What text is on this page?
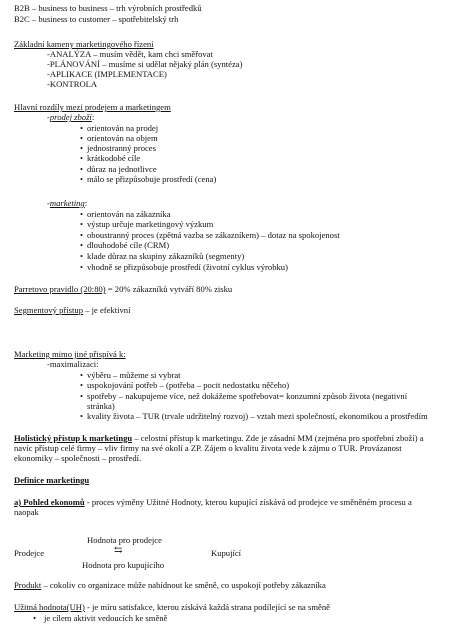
B2B – business to business – trh výrobních prostředků
B2C – business to customer – spotřebitelský trh
Základní kameny marketingového řízení
-ANALÝZA – musím vědět, kam chci směřovat
-PLÁNOVÁNÍ – musíme si udělat nějaký plán (syntéza)
-APLIKACE (IMPLEMENTACE)
-KONTROLA
Hlavní rozdíly mezi prodejem a marketingem
-prodej zboží:
• orientován na prodej
• orientován na objem
• jednostranný proces
• krátkodobé cíle
• důraz na jednotlivce
• málo se přizpůsobuje prostředí (cena)
-marketing:
• orientován na zákazníka
• výstup určuje marketingový výzkum
• oboustranný proces (zpětná vazba se zákazníkem) – dotaz na spokojenost
• dlouhodobé cíle (CRM)
• klade důraz na skupiny zákazníků (segmenty)
• vhodně se přizpůsobuje prostředí (životní cyklus výrobku)
Parretovo pravidlo (20:80) = 20% zákazníků vytváří 80% zisku
Segmentový přístup – je efektivní
Marketing mimo jiné přispívá k:
-maximalizaci:
• výběru – můžeme si vybrat
• uspokojování potřeb – (potřeba – pocit nedostatku něčeho)
• spotřeby – nakupujeme více, než dokážeme spotřebovat= konzumní způsob života (negativní
stránka)
• kvality života – TUR (trvale udržitelný rozvoj) – vztah mezi společností, ekonomikou a prostředím
Holistický přístup k marketingu – celostní přístup k marketingu. Zde je zásadní MM (zejména pro spotřební zboží) a
navíc přístup celé firmy – vliv firmy na své okolí a ZP. Zájem o kvalitu života vede k zájmu o TUR. Provázanost
ekonomiky – společnosti – prostředí.
Definice marketingu
a) Pohled ekonomů - proces výměny Užitné Hodnoty, kterou kupující získává od prodejce ve směněném procesu a
naopak
Hodnota pro prodejce
Prodejce	⇆	Kupující
Hodnota pro kupujícího
Produkt – cokoliv co organizace může nabídnout ke směně, co uspokojí potřeby zákazníka
Užitná hodnota(UH) - je míru satisfakce, kterou získává každá strana podílející se na směně
• je cílem aktivit vedoucích ke směně
